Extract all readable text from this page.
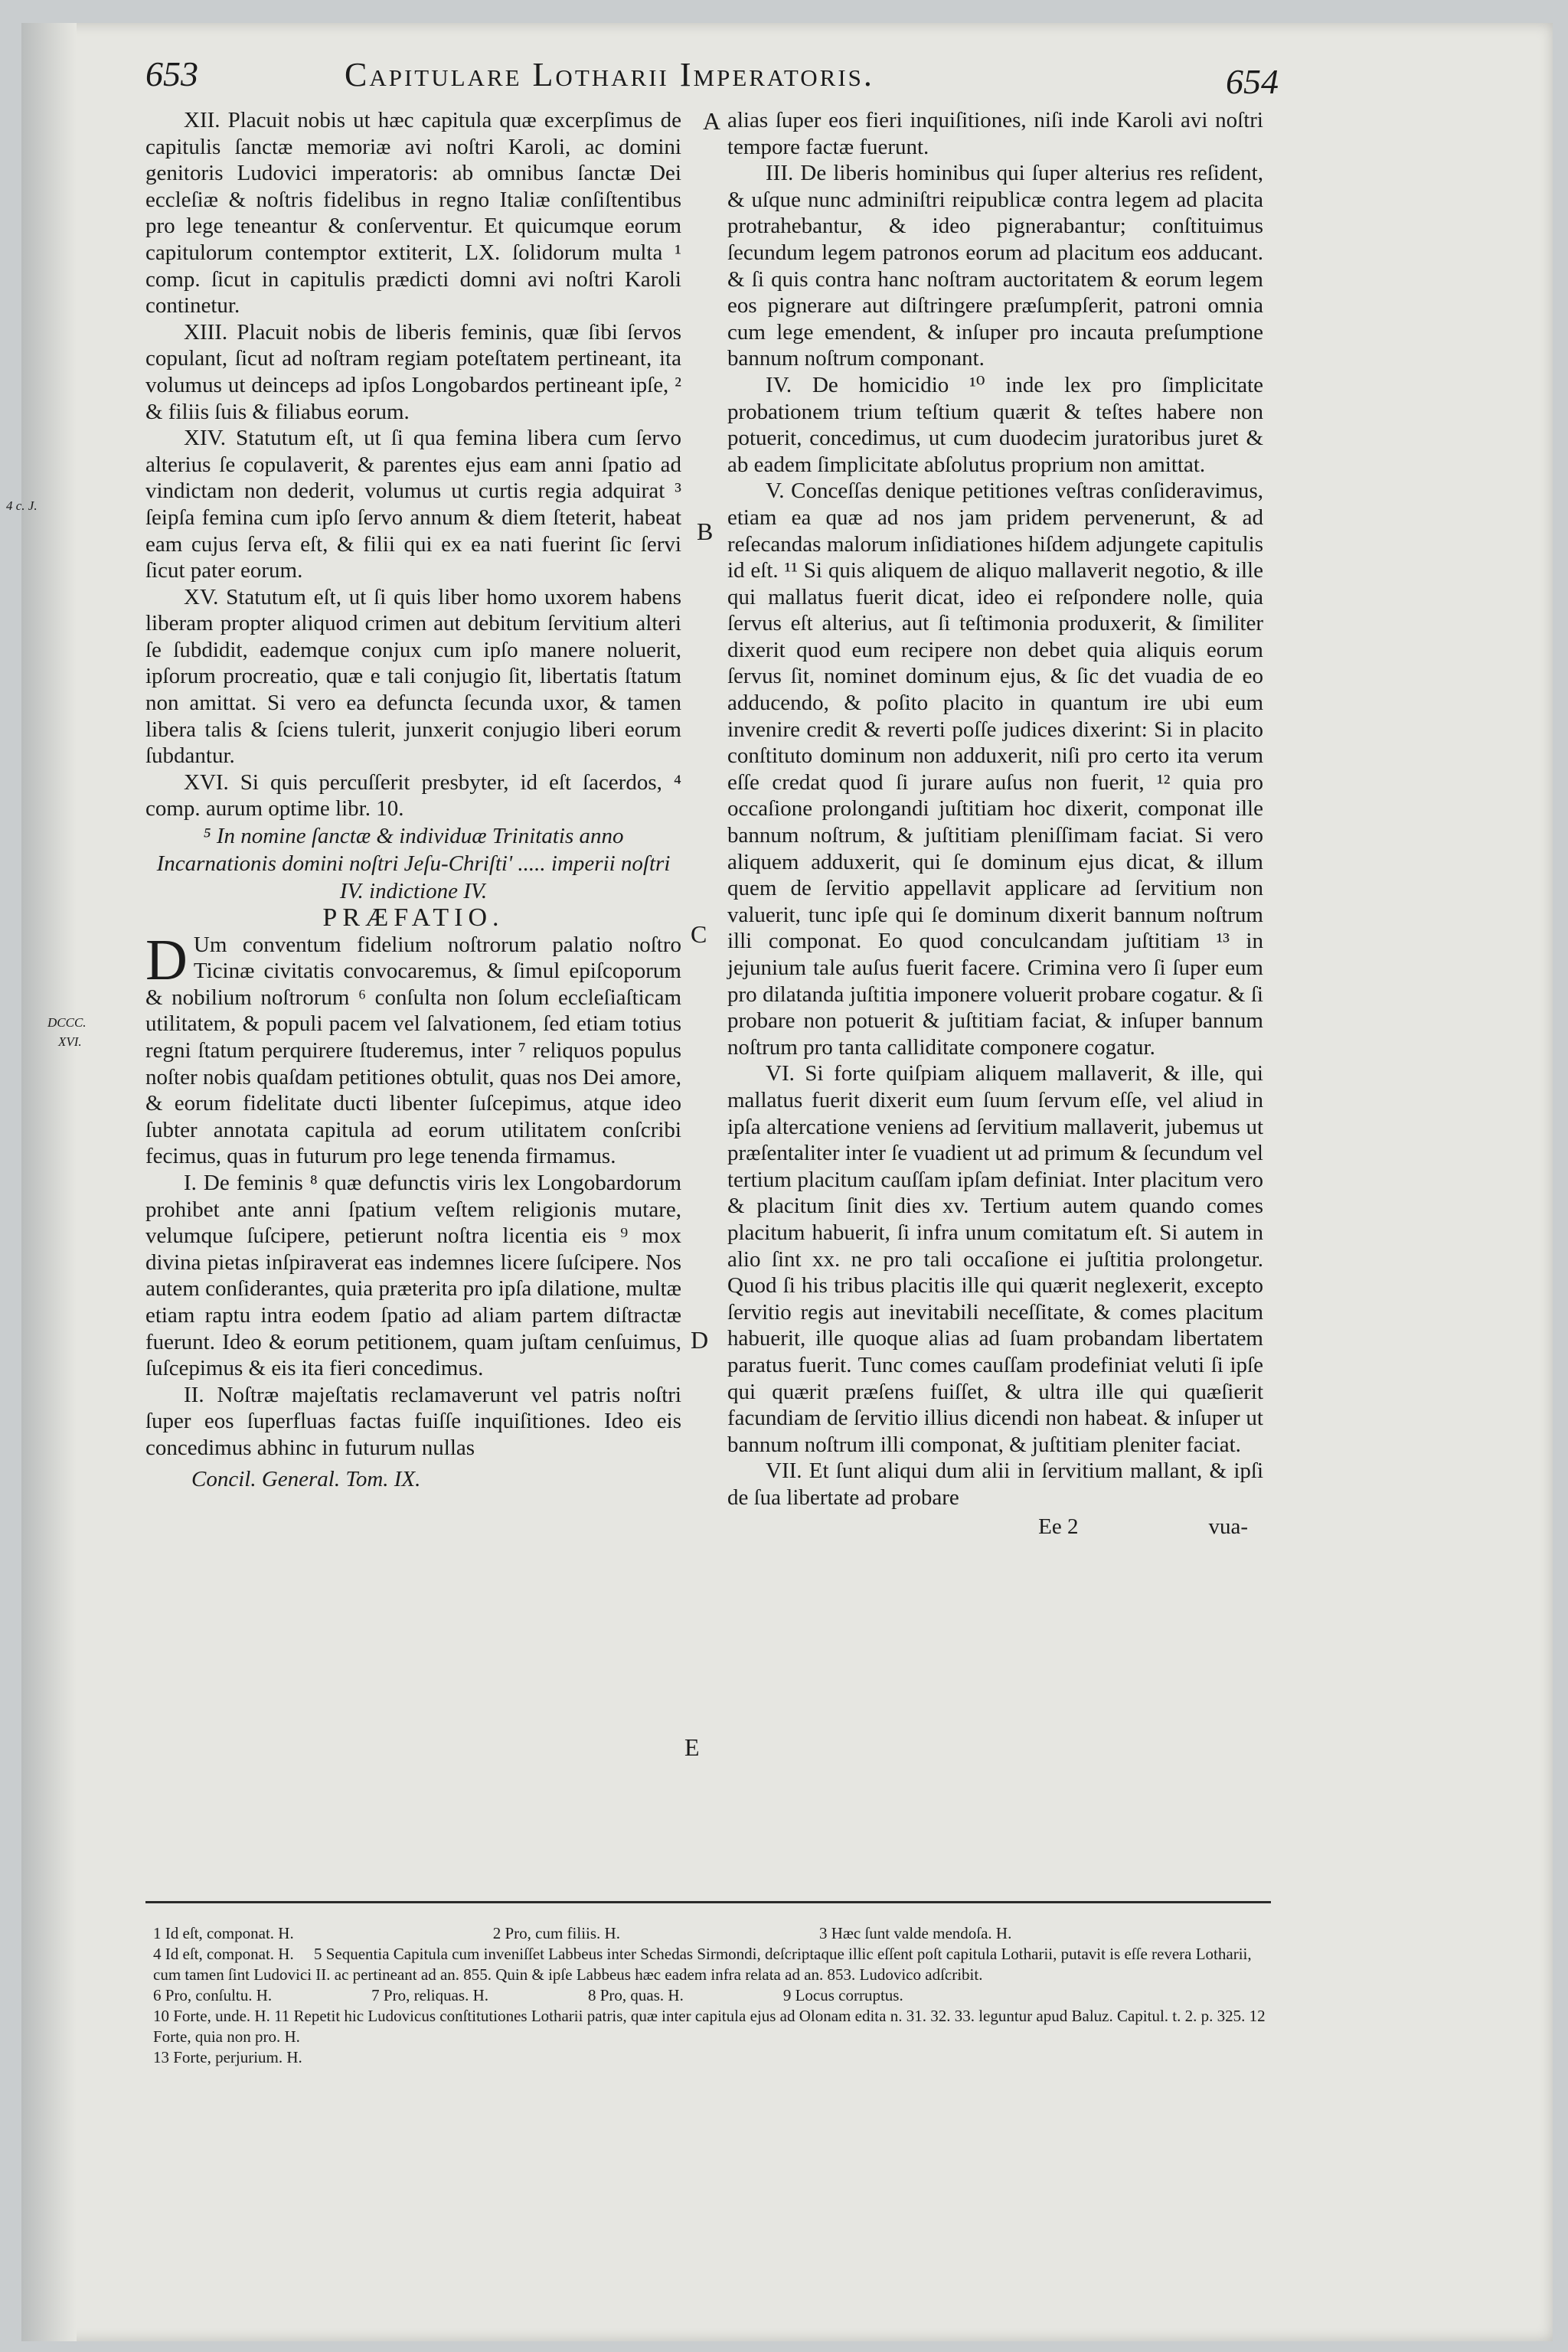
653	Capitulare Lotharii Imperatoris.	654
4 c. J.
DCCC.
XVI.
A
B
C
D
E

XII. Placuit nobis ut hæc capitula quæ excerpſimus de capitulis ſanctæ memoriæ avi noſtri Karoli, ac domini genitoris Ludovici imperatoris: ab omnibus ſanctæ Dei eccleſiæ & noſtris fidelibus in regno Italiæ conſiſtentibus pro lege teneantur & conſerventur. Et quicumque eorum capitulorum contemptor extiterit, LX. ſolidorum multa ¹ comp. ſicut in capitulis prædicti domni avi noſtri Karoli continetur.

XIII. Placuit nobis de liberis feminis, quæ ſibi ſervos copulant, ſicut ad noſtram regiam poteſtatem pertineant, ita volumus ut deinceps ad ipſos Longobardos pertineant ipſe, ² & filiis ſuis & filiabus eorum.

XIV. Statutum eſt, ut ſi qua femina libera cum ſervo alterius ſe copulaverit, & parentes ejus eam anni ſpatio ad vindictam non dederit, volumus ut curtis regia adquirat ³ ſeipſa femina cum ipſo ſervo annum & diem ſteterit, habeat eam cujus ſerva eſt, & filii qui ex ea nati fuerint ſic ſervi ſicut pater eorum.

XV. Statutum eſt, ut ſi quis liber homo uxorem habens liberam propter aliquod crimen aut debitum ſervitium alteri ſe ſubdidit, eademque conjux cum ipſo manere noluerit, ipſorum procreatio, quæ e tali conjugio ſit, libertatis ſtatum non amittat. Si vero ea defuncta ſecunda uxor, & tamen libera talis & ſciens tulerit, junxerit conjugio liberi eorum ſubdantur.

XVI. Si quis percuſſerit presbyter, id eſt ſacerdos, ⁴ comp. aurum optime libr. 10.

⁵ In nomine ſanctæ & individuæ Trinitatis anno Incarnationis domini noſtri Jeſu-Chriſti' ..... imperii noſtri IV. indictione IV.

PRÆFATIO.

D Um conventum fidelium noſtrorum palatio noſtro Ticinæ civitatis convocaremus, & ſimul epiſcoporum & nobilium noſtrorum ⁶ conſulta non ſolum eccleſiaſticam utilitatem, & populi pacem vel ſalvationem, ſed etiam totius regni ſtatum perquirere ſtuderemus, inter ⁷ reliquos populus noſter nobis quaſdam petitiones obtulit, quas nos Dei amore, & eorum fidelitate ducti libenter ſuſcepimus, atque ideo ſubter annotata capitula ad eorum utilitatem conſcribi fecimus, quas in futurum pro lege tenenda firmamus.

I. De feminis ⁸ quæ defunctis viris lex Longobardorum prohibet ante anni ſpatium veſtem religionis mutare, velumque ſuſcipere, petierunt noſtra licentia eis ⁹ mox divina pietas inſpiraverat eas indemnes licere ſuſcipere. Nos autem conſiderantes, quia præterita pro ipſa dilatione, multæ etiam raptu intra eodem ſpatio ad aliam partem diſtractæ fuerunt. Ideo & eorum petitionem, quam juſtam cenſuimus, ſuſcepimus & eis ita fieri concedimus.

II. Noſtræ majeſtatis reclamaverunt vel patris noſtri ſuper eos ſuperfluas factas fuiſſe inquiſitiones. Ideo eis concedimus abhinc in futurum nullas

Concil. General. Tom. IX.

alias ſuper eos fieri inquiſitiones, niſi inde Karoli avi noſtri tempore factæ fuerunt.

III. De liberis hominibus qui ſuper alterius res reſident, & uſque nunc adminiſtri reipublicæ contra legem ad placita protrahebantur, & ideo pignerabantur; conſtituimus ſecundum legem patronos eorum ad placitum eos adducant. & ſi quis contra hanc noſtram auctoritatem & eorum legem eos pignerare aut diſtringere præſumpſerit, patroni omnia cum lege emendent, & inſuper pro incauta preſumptione bannum noſtrum componant.

IV. De homicidio ¹⁰ inde lex pro ſimplicitate probationem trium teſtium quærit & teſtes habere non potuerit, concedimus, ut cum duodecim juratoribus juret & ab eadem ſimplicitate abſolutus proprium non amittat.

V. Conceſſas denique petitiones veſtras conſideravimus, etiam ea quæ ad nos jam pridem pervenerunt, & ad reſecandas malorum inſidiationes hiſdem adjungete capitulis id eſt. ¹¹ Si quis aliquem de aliquo mallaverit negotio, & ille qui mallatus fuerit dicat, ideo ei reſpondere nolle, quia ſervus eſt alterius, aut ſi teſtimonia produxerit, & ſimiliter dixerit quod eum recipere non debet quia aliquis eorum ſervus ſit, nominet dominum ejus, & ſic det vuadia de eo adducendo, & poſito placito in quantum ire ubi eum invenire credit & reverti poſſe judices dixerint: Si in placito conſtituto dominum non adduxerit, niſi pro certo ita verum eſſe credat quod ſi jurare auſus non fuerit, ¹² quia pro occaſione prolongandi juſtitiam hoc dixerit, componat ille bannum noſtrum, & juſtitiam pleniſſimam faciat. Si vero aliquem adduxerit, qui ſe dominum ejus dicat, & illum quem de ſervitio appellavit applicare ad ſervitium non valuerit, tunc ipſe qui ſe dominum dixerit bannum noſtrum illi componat. Eo quod conculcandam juſtitiam ¹³ in jejunium tale auſus fuerit facere. Crimina vero ſi ſuper eum pro dilatanda juſtitia imponere voluerit probare cogatur. & ſi probare non potuerit & juſtitiam faciat, & inſuper bannum noſtrum pro tanta calliditate componere cogatur.

VI. Si forte quiſpiam aliquem mallaverit, & ille, qui mallatus fuerit dixerit eum ſuum ſervum eſſe, vel aliud in ipſa altercatione veniens ad ſervitium mallaverit, jubemus ut præſentaliter inter ſe vuadient ut ad primum & ſecundum vel tertium placitum cauſſam ipſam definiat. Inter placitum vero & placitum ſinit dies xv. Tertium autem quando comes placitum habuerit, ſi infra unum comitatum eſt. Si autem in alio ſint xx. ne pro tali occaſione ei juſtitia prolongetur. Quod ſi his tribus placitis ille qui quærit neglexerit, excepto ſervitio regis aut inevitabili neceſſitate, & comes placitum habuerit, ille quoque alias ad ſuam probandam libertatem paratus fuerit. Tunc comes cauſſam prodefiniat veluti ſi ipſe qui quærit præſens fuiſſet, & ultra ille qui quæſierit facundiam de ſervitio illius dicendi non habeat. & inſuper ut bannum noſtrum illi componat, & juſtitiam pleniter faciat.

VII. Et ſunt aliqui dum alii in ſervitium mallant, & ipſi de ſua libertate ad probare

Ee 2	vua-
1 Id eſt, componat. H.	2 Pro, cum filiis. H.	3 Hæc ſunt valde mendoſa. H.
4 Id eſt, componat. H. 5 Sequentia Capitula cum inveniſſet Labbeus inter Schedas Sirmondi, deſcriptaque illic eſſent poſt capitula Lotharii, putavit is eſſe revera Lotharii, cum tamen ſint Ludovici II. ac pertineant ad an. 855. Quin & ipſe Labbeus hæc eadem infra relata ad an. 853. Ludovico adſcribit.
6 Pro, conſultu. H.	7 Pro, reliquas. H.	8 Pro, quas. H.	9 Locus corruptus.
10 Forte, unde. H. 11 Repetit hic Ludovicus conſtitutiones Lotharii patris, quæ inter capitula ejus ad Olonam edita n. 31. 32. 33. leguntur apud Baluz. Capitul. t. 2. p. 325. 12 Forte, quia non pro. H.
13 Forte, perjurium. H.
